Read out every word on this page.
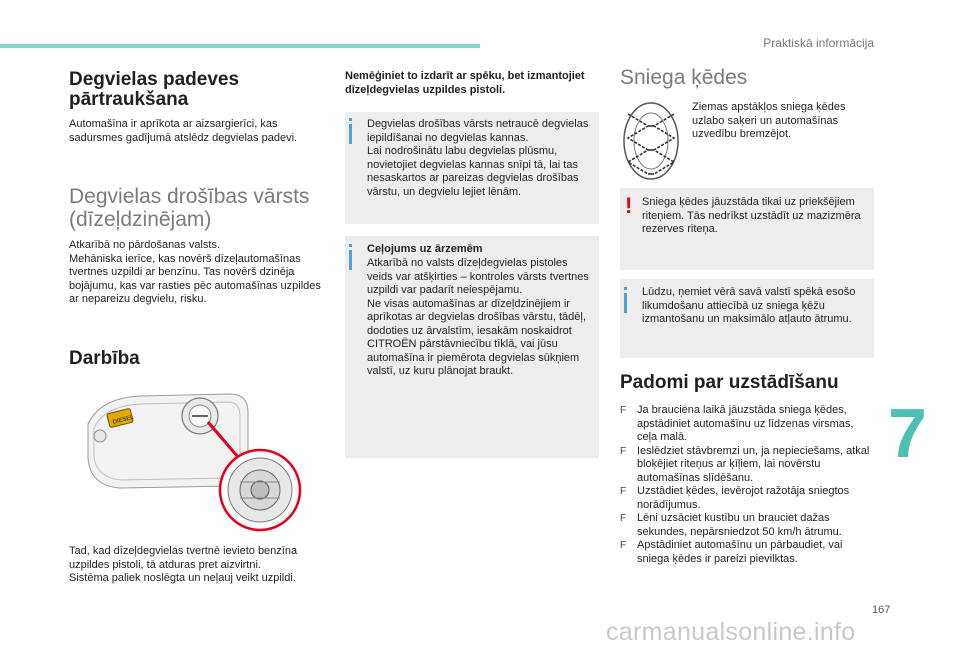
Praktiskā informācija
7
167
carmanualsonline.info
Degvielas padeves pārtraukšana
Automašīna ir aprīkota ar aizsargierīci, kas sadursmes gadījumā atslēdz degvielas padevi.
Degvielas drošības vārsts (dīzeļdzinējam)
Atkarībā no pārdošanas valsts.
Mehāniska ierīce, kas novērš dīzeļautomašīnas tvertnes uzpildi ar benzīnu. Tas novērš dzinēja bojājumu, kas var rasties pēc automašīnas uzpildes ar nepareizu degvielu, risku.
Darbība
DIESEL
Tad, kad dīzeļdegvielas tvertnē ievieto benzīna uzpildes pistoli, tā atduras pret aizvirtni.
Sistēma paliek noslēgta un neļauj veikt uzpildi.
Nemēģiniet to izdarīt ar spēku, bet izmantojiet dīzeļdegvielas uzpildes pistoli.
Degvielas drošības vārsts netraucē degvielas iepildīšanai no degvielas kannas.
Lai nodrošinātu labu degvielas plūsmu, novietojiet degvielas kannas snīpi tā, lai tas nesaskartos ar pareizas degvielas drošības vārstu, un degvielu lejiet lēnām.
Ceļojums uz ārzemēm
Atkarībā no valsts dīzeļdegvielas pistoles veids var atšķirties – kontroles vārsts tvertnes uzpildi var padarīt neiespējamu.
Ne visas automašīnas ar dīzeļdzinējiem ir aprīkotas ar degvielas drošības vārstu, tādēļ, dodoties uz ārvalstīm, iesakām noskaidrot CITROËN pārstāvniecību tīklā, vai jūsu automašīna ir piemērota degvielas sūkņiem valstī, uz kuru plānojat braukt.
Sniega ķēdes
Ziemas apstākļos sniega ķēdes uzlabo saķeri un automašīnas uzvedību bremzējot.
! Sniega ķēdes jāuzstāda tikai uz priekšējiem riteņiem. Tās nedrīkst uzstādīt uz mazizmēra rezerves riteņa.
Lūdzu, ņemiet vērā savā valstī spēkā esošo likumdošanu attiecībā uz sniega ķēžu izmantošanu un maksimālo atļauto ātrumu.
Padomi par uzstādīšanu
F Ja brauciena laikā jāuzstāda sniega ķēdes, apstādiniet automašīnu uz līdzenas virsmas, ceļa malā.
F Ieslēdziet stāvbremzi un, ja nepieciešams, atkal bloķējiet riteņus ar ķīļiem, lai novērstu automašīnas slīdēšanu.
F Uzstādiet ķēdes, ievērojot ražotāja sniegtos norādījumus.
F Lēni uzsāciet kustību un brauciet dažas sekundes, nepārsniedzot 50 km/h ātrumu.
F Apstādiniet automašīnu un pārbaudiet, vai sniega ķēdes ir pareizi pievilktas.
